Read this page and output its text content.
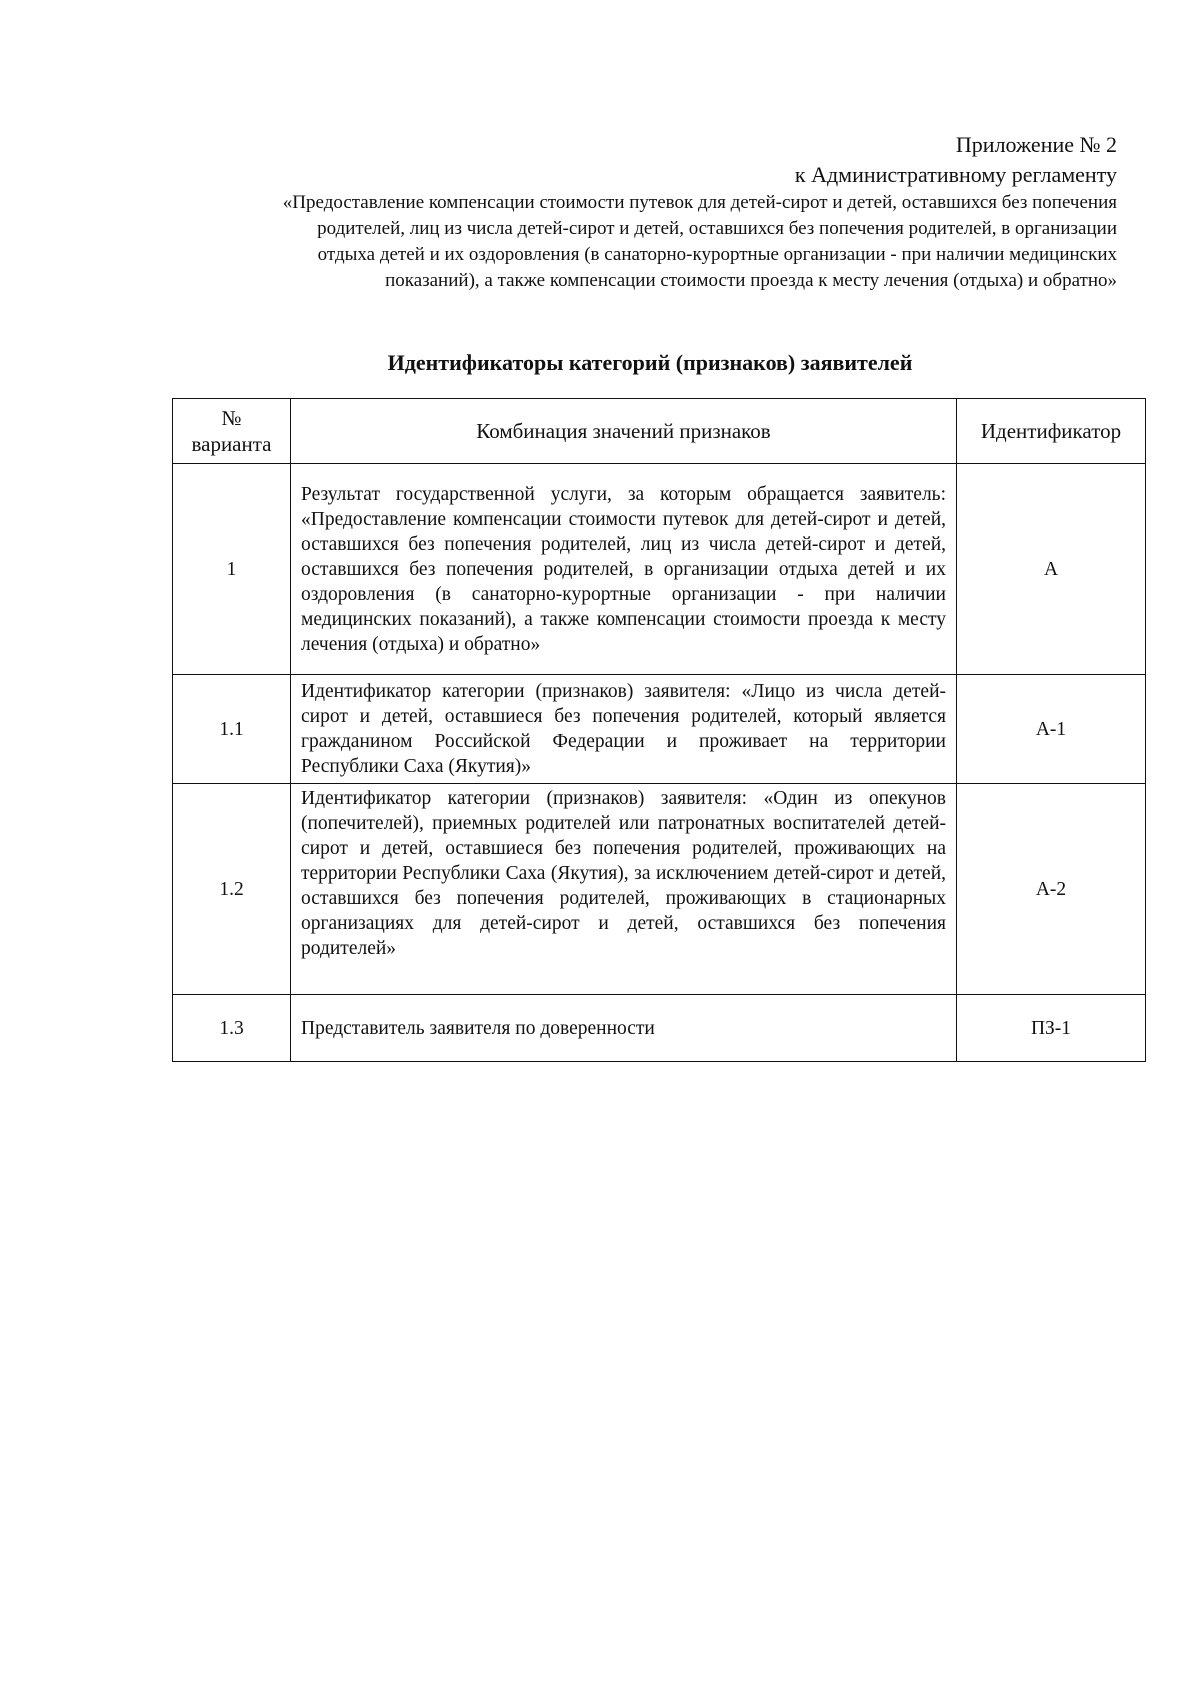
Приложение № 2
к Административному регламенту
«Предоставление компенсации стоимости путевок для детей-сирот и детей, оставшихся без попечения родителей, лиц из числа детей-сирот и детей, оставшихся без попечения родителей, в организации отдыха детей и их оздоровления (в санаторно-курортные организации - при наличии медицинских показаний), а также компенсации стоимости проезда к месту лечения (отдыха) и обратно»
Идентификаторы категорий (признаков) заявителей
№ варианта	Комбинация значений признаков	Идентификатор
1	Результат государственной услуги, за которым обращается заявитель: «Предоставление компенсации стоимости путевок для детей-сирот и детей, оставшихся без попечения родителей, лиц из числа детей-сирот и детей, оставшихся без попечения родителей, в организации отдыха детей и их оздоровления (в санаторно-курортные организации - при наличии медицинских показаний), а также компенсации стоимости проезда к месту лечения (отдыха) и обратно»	А
1.1	Идентификатор категории (признаков) заявителя: «Лицо из числа детей-сирот и детей, оставшиеся без попечения родителей, который является гражданином Российской Федерации и проживает на территории Республики Саха (Якутия)»	А-1
1.2	Идентификатор категории (признаков) заявителя: «Один из опекунов (попечителей), приемных родителей или патронатных воспитателей детей-сирот и детей, оставшиеся без попечения родителей, проживающих на территории Республики Саха (Якутия), за исключением детей-сирот и детей, оставшихся без попечения родителей, проживающих в стационарных организациях для детей-сирот и детей, оставшихся без попечения родителей»	А-2
1.3	Представитель заявителя по доверенности	ПЗ-1
